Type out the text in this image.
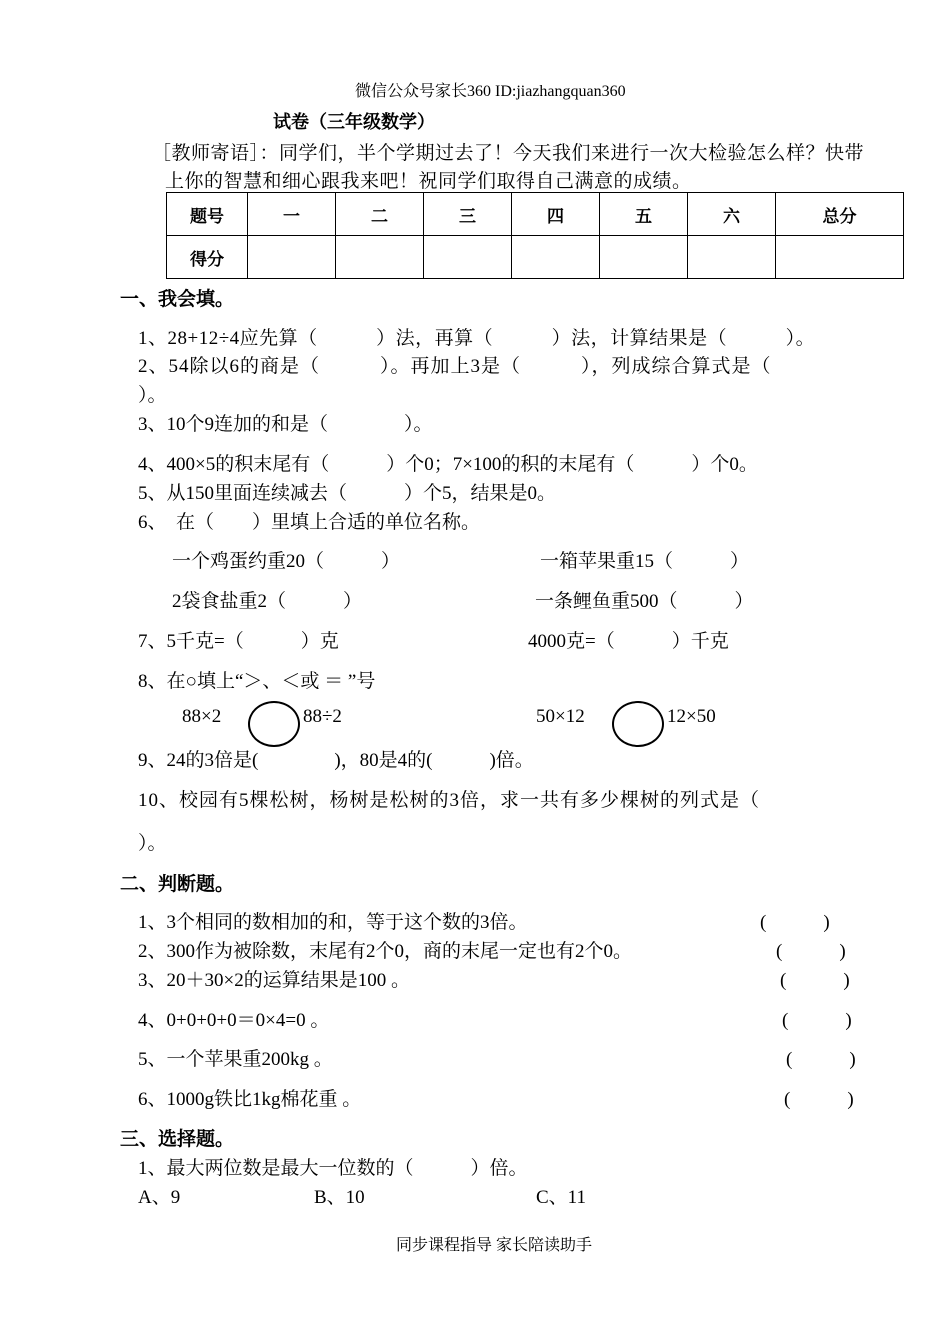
微信公众号家长360 ID:jiazhangquan360
试卷（三年级数学）
［教师寄语］：同学们，半个学期过去了！今天我们来进行一次大检验怎么样？快带
上你的智慧和细心跟我来吧！祝同学们取得自己满意的成绩。
题号	一	二	三	四	五	六	总分
得分							
一、我会填。
1、28+12÷4应先算（　　　）法，再算（　　　）法，计算结果是（　　　）。
2、54除以6的商是（　　　）。再加上3是（　　　），列成综合算式是（
）。
3、10个9连加的和是（　　　　）。
4、400×5的积末尾有（　　　）个0；7×100的积的末尾有（　　　）个0。
5、从150里面连续减去（　　　）个5，结果是0。
6、　在（　　）里填上合适的单位名称。
一个鸡蛋约重20（　　　）	一箱苹果重15（　　　）
2袋食盐重2（　　　）	一条鲤鱼重500（　　　）
7、5千克=（　　　）克	4000克=（　　　）千克
8、在○填上“＞、＜或 ＝ ”号
88×2	88÷2	50×12	12×50
9、24的3倍是(　　　　)，80是4的(　　　)倍。
10、校园有5棵松树，杨树是松树的3倍，求一共有多少棵树的列式是（
）。
二、判断题。
1、3个相同的数相加的和，等于这个数的3倍。	(　　　)
2、300作为被除数，末尾有2个0，商的末尾一定也有2个0。	(　　　)
3、20＋30×2的运算结果是100 。	(　　　)
4、0+0+0+0＝0×4=0 。	(　　　)
5、一个苹果重200kg 。	(　　　)
6、1000g铁比1kg棉花重 。	(　　　)
三、选择题。
1、最大两位数是最大一位数的（　　　）倍。
A、9	B、10	C、11
同步课程指导 家长陪读助手
